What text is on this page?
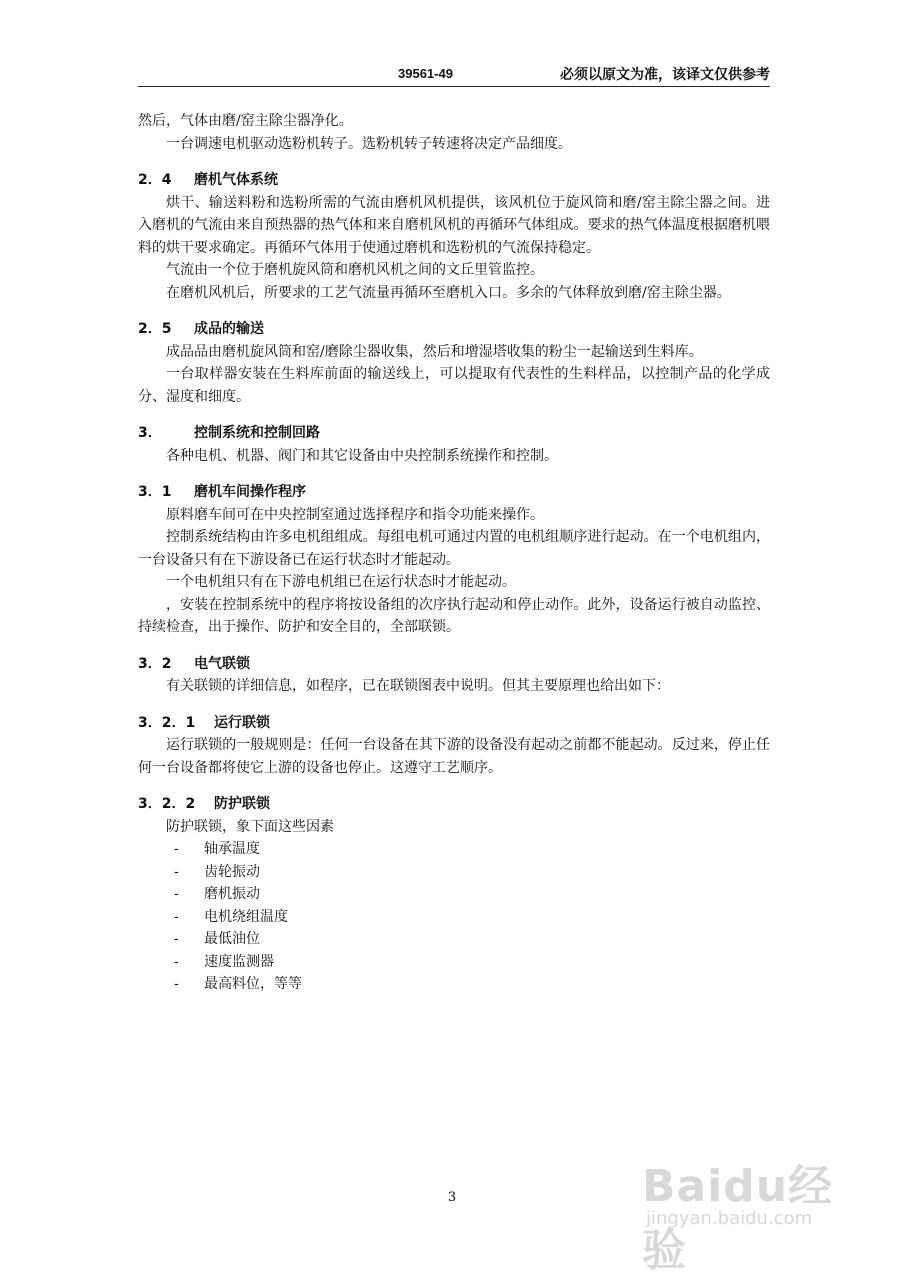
39561-49	必须以原文为准，该译文仅供参考

然后，气体由磨/窑主除尘器净化。

一台调速电机驱动选粉机转子。选粉机转子转速将决定产品细度。

2．4 磨机气体系统

烘干、输送料粉和选粉所需的气流由磨机风机提供，该风机位于旋风筒和磨/窑主除尘器之间。进入磨机的气流由来自预热器的热气体和来自磨机风机的再循环气体组成。要求的热气体温度根据磨机喂料的烘干要求确定。再循环气体用于使通过磨机和选粉机的气流保持稳定。

气流由一个位于磨机旋风筒和磨机风机之间的文丘里管监控。

在磨机风机后，所要求的工艺气流量再循环至磨机入口。多余的气体释放到磨/窑主除尘器。

2．5 成品的输送

成品品由磨机旋风筒和窑/磨除尘器收集，然后和增湿塔收集的粉尘一起输送到生料库。

一台取样器安装在生料库前面的输送线上，可以提取有代表性的生料样品，以控制产品的化学成分、湿度和细度。

3． 控制系统和控制回路

各种电机、机器、阀门和其它设备由中央控制系统操作和控制。

3．1 磨机车间操作程序

原料磨车间可在中央控制室通过选择程序和指令功能来操作。

控制系统结构由许多电机组组成。每组电机可通过内置的电机组顺序进行起动。在一个电机组内，一台设备只有在下游设备已在运行状态时才能起动。

一个电机组只有在下游电机组已在运行状态时才能起动。

，安装在控制系统中的程序将按设备组的次序执行起动和停止动作。此外，设备运行被自动监控、持续检查，出于操作、防护和安全目的，全部联锁。

3．2 电气联锁

有关联锁的详细信息，如程序，已在联锁图表中说明。但其主要原理也给出如下：

3．2．1 运行联锁

运行联锁的一般规则是：任何一台设备在其下游的设备没有起动之前都不能起动。反过来，停止任何一台设备都将使它上游的设备也停止。这遵守工艺顺序。

3．2．2 防护联锁

防护联锁，象下面这些因素

- 轴承温度
- 齿轮振动
- 磨机振动
- 电机绕组温度
- 最低油位
- 速度监测器
- 最高料位，等等
3	Baidu经验
jingyan.baidu.com
